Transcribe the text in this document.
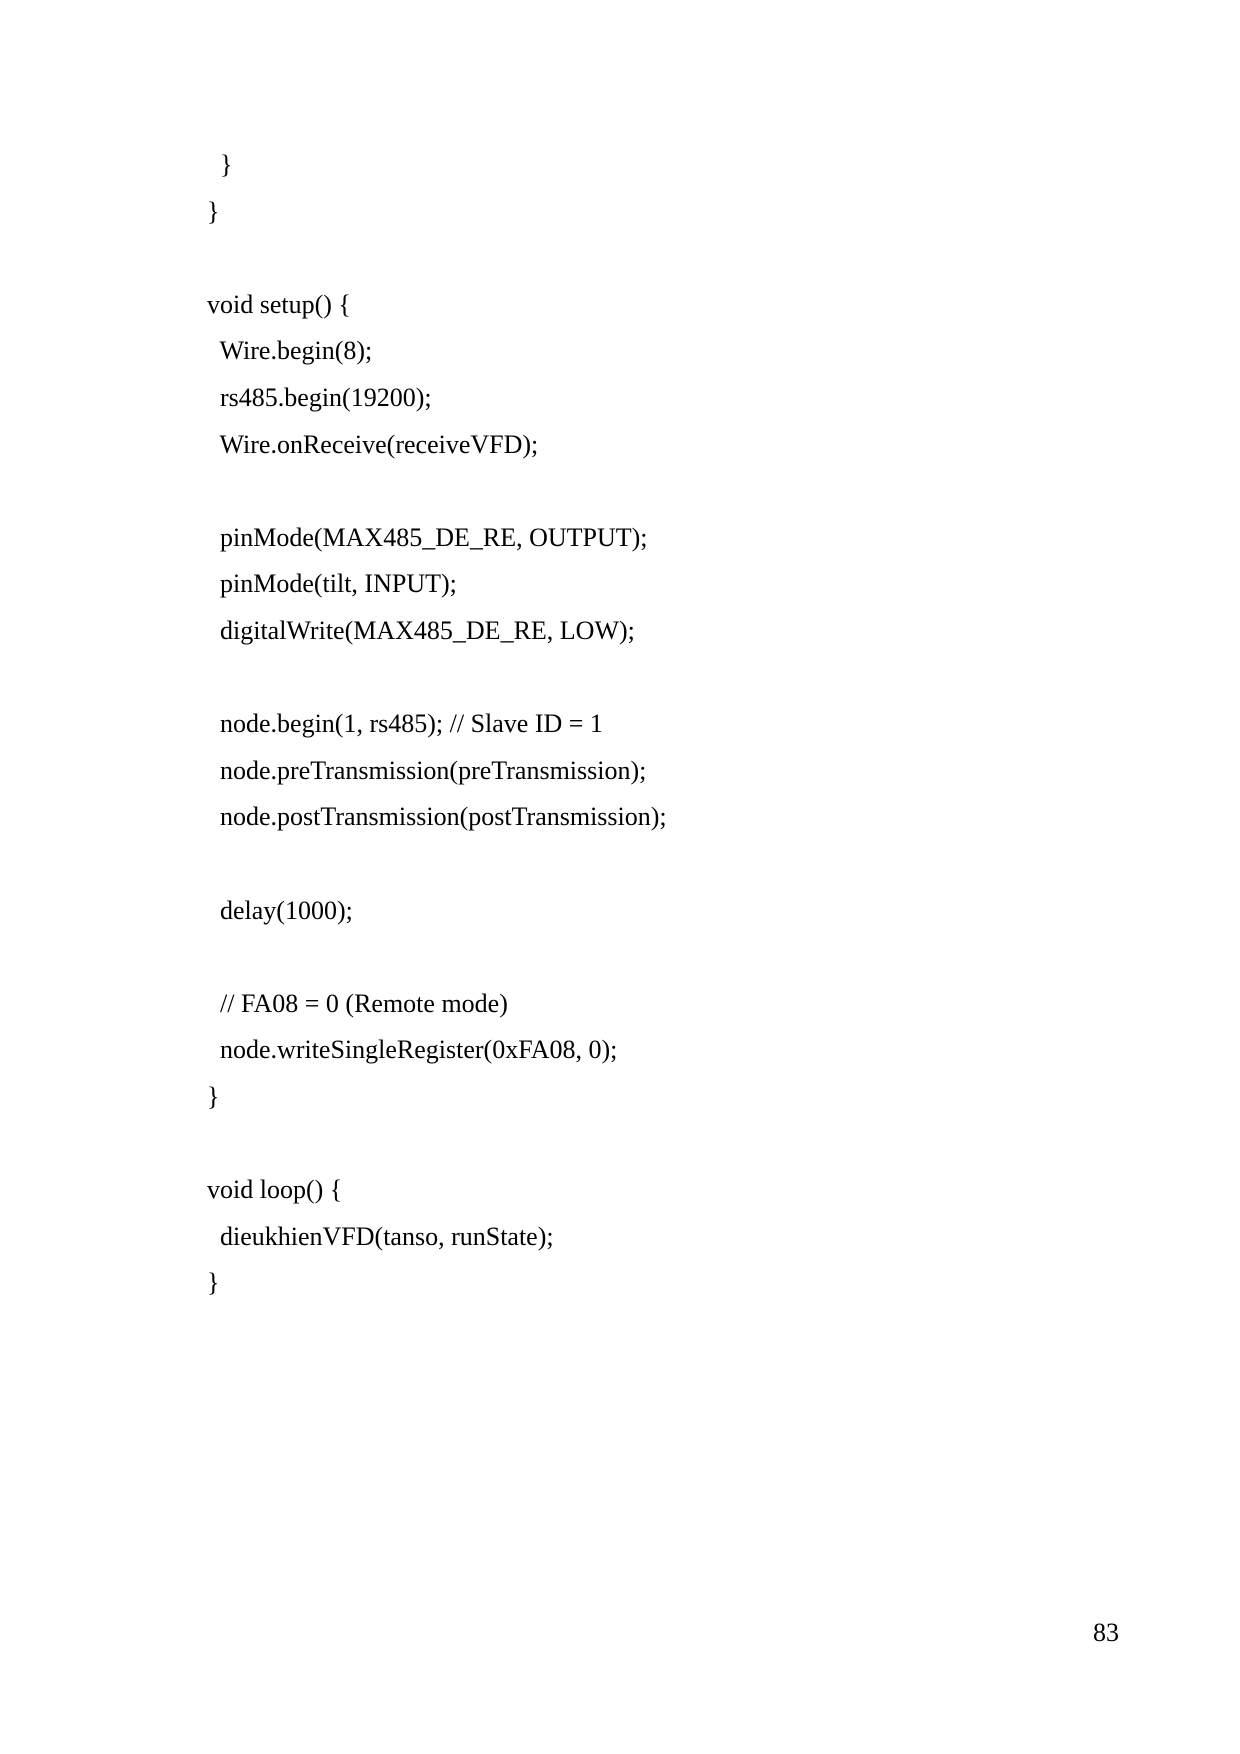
}
}
void setup() {
Wire.begin(8);
rs485.begin(19200);
Wire.onReceive(receiveVFD);
pinMode(MAX485_DE_RE, OUTPUT);
pinMode(tilt, INPUT);
digitalWrite(MAX485_DE_RE, LOW);
node.begin(1, rs485); // Slave ID = 1
node.preTransmission(preTransmission);
node.postTransmission(postTransmission);
delay(1000);
// FA08 = 0 (Remote mode)
node.writeSingleRegister(0xFA08, 0);
}
void loop() {
dieukhienVFD(tanso, runState);
}
83
